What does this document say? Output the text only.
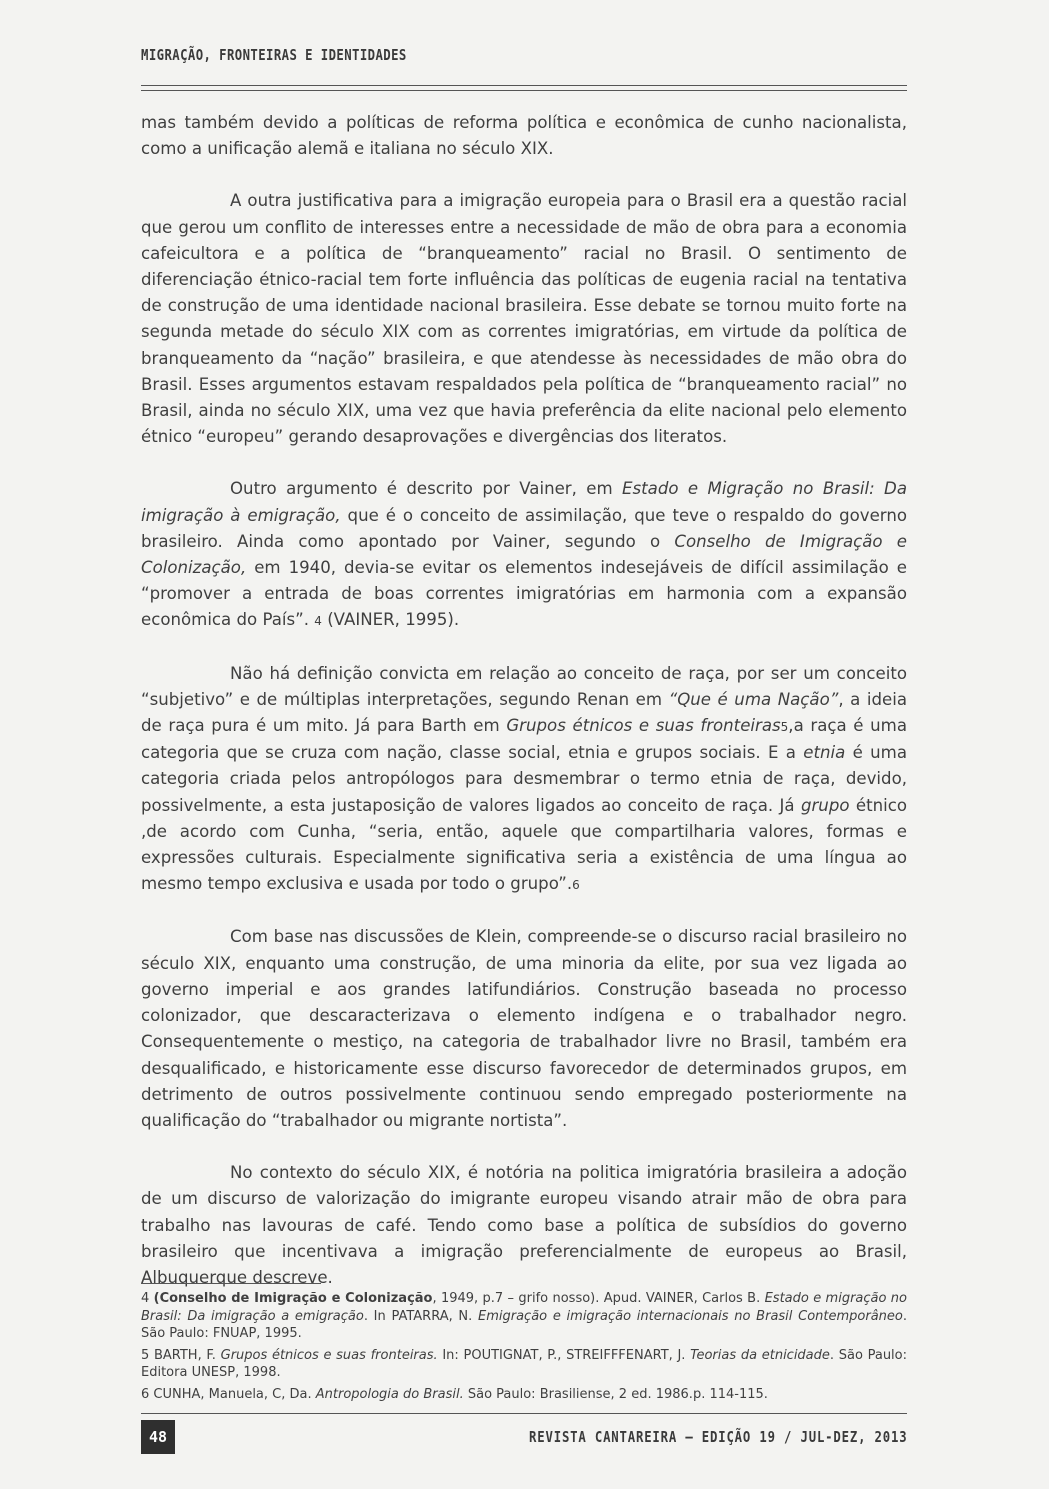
MIGRAÇÃO, FRONTEIRAS E IDENTIDADES

mas também devido a políticas de reforma política e econômica de cunho nacionalista, como a unificação alemã e italiana no século XIX.

A outra justificativa para a imigração europeia para o Brasil era a questão racial que gerou um conflito de interesses entre a necessidade de mão de obra para a economia cafeicultora e a política de “branqueamento” racial no Brasil. O sentimento de diferenciação étnico-racial tem forte influência das políticas de eugenia racial na tentativa de construção de uma identidade nacional brasileira. Esse debate se tornou muito forte na segunda metade do século XIX com as correntes imigratórias, em virtude da política de branqueamento da “nação” brasileira, e que atendesse às necessidades de mão obra do Brasil. Esses argumentos estavam respaldados pela política de “branqueamento racial” no Brasil, ainda no século XIX, uma vez que havia preferência da elite nacional pelo elemento étnico “europeu” gerando desaprovações e divergências dos literatos.

Outro argumento é descrito por Vainer, em Estado e Migração no Brasil: Da imigração à emigração, que é o conceito de assimilação, que teve o respaldo do governo brasileiro. Ainda como apontado por Vainer, segundo o Conselho de Imigração e Colonização, em 1940, devia-se evitar os elementos indesejáveis de difícil assimilação e “promover a entrada de boas correntes imigratórias em harmonia com a expansão econômica do País”. 4 (VAINER, 1995).

Não há definição convicta em relação ao conceito de raça, por ser um conceito “subjetivo” e de múltiplas interpretações, segundo Renan em “Que é uma Nação”, a ideia de raça pura é um mito. Já para Barth em Grupos étnicos e suas fronteiras5,a raça é uma categoria que se cruza com nação, classe social, etnia e grupos sociais. E a etnia é uma categoria criada pelos antropólogos para desmembrar o termo etnia de raça, devido, possivelmente, a esta justaposição de valores ligados ao conceito de raça. Já grupo étnico ,de acordo com Cunha, “seria, então, aquele que compartilharia valores, formas e expressões culturais. Especialmente significativa seria a existência de uma língua ao mesmo tempo exclusiva e usada por todo o grupo”.6

Com base nas discussões de Klein, compreende-se o discurso racial brasileiro no século XIX, enquanto uma construção, de uma minoria da elite, por sua vez ligada ao governo imperial e aos grandes latifundiários. Construção baseada no processo colonizador, que descaracterizava o elemento indígena e o trabalhador negro. Consequentemente o mestiço, na categoria de trabalhador livre no Brasil, também era desqualificado, e historicamente esse discurso favorecedor de determinados grupos, em detrimento de outros possivelmente continuou sendo empregado posteriormente na qualificação do “trabalhador ou migrante nortista”.

No contexto do século XIX, é notória na politica imigratória brasileira a adoção de um discurso de valorização do imigrante europeu visando atrair mão de obra para trabalho nas lavouras de café. Tendo como base a política de subsídios do governo brasileiro que incentivava a imigração preferencialmente de europeus ao Brasil, Albuquerque descreve.

4 (Conselho de Imigração e Colonização, 1949, p.7 – grifo nosso). Apud. VAINER, Carlos B. Estado e migração no Brasil: Da imigração a emigração. In PATARRA, N. Emigração e imigração internacionais no Brasil Contemporâneo. São Paulo: FNUAP, 1995.
5 BARTH, F. Grupos étnicos e suas fronteiras. In: POUTIGNAT, P., STREIFFFENART, J. Teorias da etnicidade. São Paulo: Editora UNESP, 1998.
6 CUNHA, Manuela, C, Da. Antropologia do Brasil. São Paulo: Brasiliense, 2 ed. 1986.p. 114-115.
48	REVISTA CANTAREIRA – EDIÇÃO 19 / JUL-DEZ, 2013
